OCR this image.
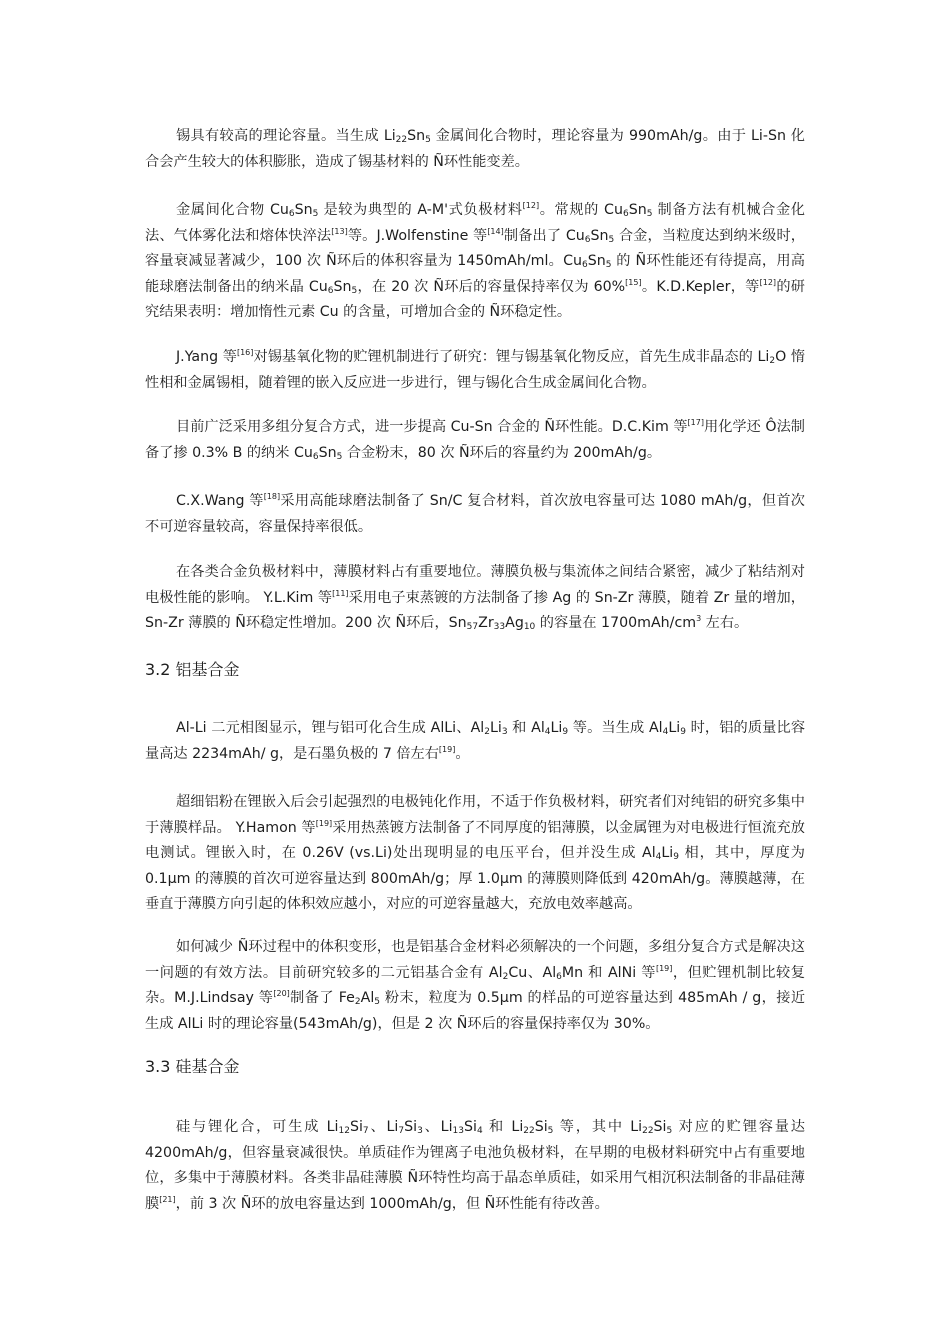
锡具有较高的理论容量。当生成 $Li_{22}Sn_5$ 金属间化合物时，理论容量为 990mAh/g。由于 Li-Sn 化合会产生较大的体积膨胀，造成了锡基材料的 Ñ环性能变差。

金属间化合物 $Cu_6Sn_5$ 是较为典型的 A-M'式负极材料[12]。常规的 $Cu_6Sn_5$ 制备方法有机械合金化法、气体雾化法和熔体快淬法[13]等。J.Wolfenstine 等[14]制备出了 $Cu_6Sn_5$ 合金，当粒度达到纳米级时，容量衰减显著减少，100 次 Ñ环后的体积容量为 1450mAh/ml。$Cu_6Sn_5$ 的 Ñ环性能还有待提高，用高能球磨法制备出的纳米晶 $Cu_6Sn_5$，在 20 次 Ñ环后的容量保持率仅为 60%[15]。K.D.Kepler，等[12]的研究结果表明：增加惰性元素 Cu 的含量，可增加合金的 Ñ环稳定性。

J.Yang 等[16]对锡基氧化物的贮锂机制进行了研究：锂与锡基氧化物反应，首先生成非晶态的 $Li_2O$ 惰性相和金属锡相，随着锂的嵌入反应进一步进行，锂与锡化合生成金属间化合物。

目前广泛采用多组分复合方式，进一步提高 Cu-Sn 合金的 Ñ环性能。D.C.Kim 等[17]用化学还 Ô法制备了掺 0.3% B 的纳米 $Cu_6Sn_5$ 合金粉末，80 次 Ñ环后的容量约为 200mAh/g。

C.X.Wang 等[18]采用高能球磨法制备了 Sn/C 复合材料，首次放电容量可达 1080 mAh/g，但首次不可逆容量较高，容量保持率很低。

在各类合金负极材料中，薄膜材料占有重要地位。薄膜负极与集流体之间结合紧密，减少了粘结剂对电极性能的影响。 Y.L.Kim 等[11]采用电子束蒸镀的方法制备了掺 Ag 的 Sn-Zr 薄膜，随着 Zr 量的增加，Sn-Zr 薄膜的 Ñ环稳定性增加。200 次 Ñ环后，$Sn_{57}Zr_{33}Ag_{10}$ 的容量在 $1700mAh/cm^3$ 左右。

3.2 铝基合金

Al-Li 二元相图显示，锂与铝可化合生成 AlLi、$Al_2Li_3$ 和 $Al_4Li_9$ 等。当生成 $Al_4Li_9$ 时，铝的质量比容量高达 2234mAh/ g，是石墨负极的 7 倍左右[19]。

超细铝粉在锂嵌入后会引起强烈的电极钝化作用，不适于作负极材料，研究者们对纯铝的研究多集中于薄膜样品。 Y.Hamon 等[19]采用热蒸镀方法制备了不同厚度的铝薄膜，以金属锂为对电极进行恒流充放电测试。锂嵌入时，在 0.26V (vs.Li)处出现明显的电压平台，但并没生成 $Al_4Li_9$ 相，其中，厚度为 0.1μm 的薄膜的首次可逆容量达到 800mAh/g；厚 1.0μm 的薄膜则降低到 420mAh/g。薄膜越薄，在垂直于薄膜方向引起的体积效应越小，对应的可逆容量越大，充放电效率越高。

如何减少 Ñ环过程中的体积变形，也是铝基合金材料必须解决的一个问题，多组分复合方式是解决这一问题的有效方法。目前研究较多的二元铝基合金有 $Al_2Cu$、$Al_6Mn$ 和 AlNi 等[19]，但贮锂机制比较复杂。M.J.Lindsay 等[20]制备了 $Fe_2Al_5$ 粉末，粒度为 0.5μm 的样品的可逆容量达到 485mAh / g，接近生成 AlLi 时的理论容量(543mAh/g)，但是 2 次 Ñ环后的容量保持率仅为 30%。

3.3 硅基合金

硅与锂化合，可生成 $Li_{12}Si_7$、$Li_7Si_3$、$Li_{13}Si_4$ 和 $Li_{22}Si_5$ 等，其中 $Li_{22}Si_5$ 对应的贮锂容量达 4200mAh/g，但容量衰减很快。单质硅作为锂离子电池负极材料，在早期的电极材料研究中占有重要地位，多集中于薄膜材料。各类非晶硅薄膜 Ñ环特性均高于晶态单质硅，如采用气相沉积法制备的非晶硅薄膜[21]，前 3 次 Ñ环的放电容量达到 1000mAh/g，但 Ñ环性能有待改善。
